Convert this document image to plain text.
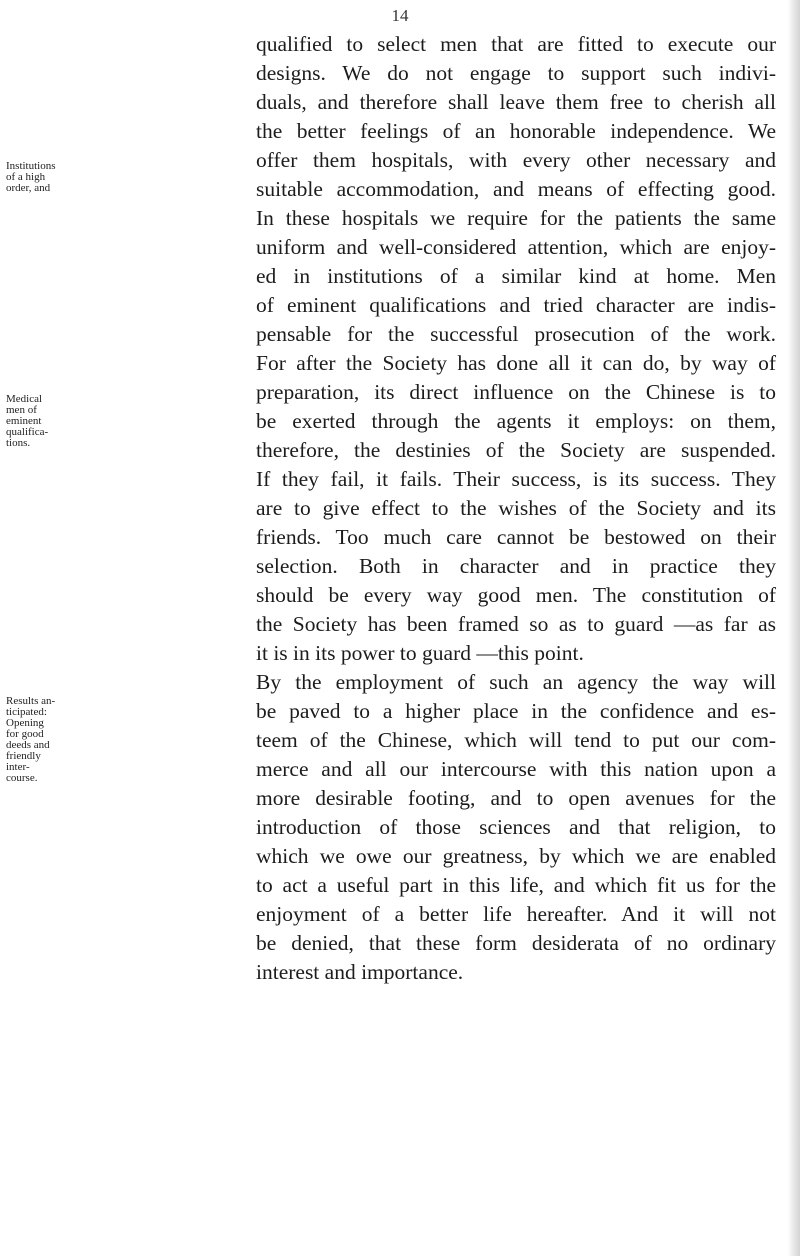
14
qualified to select men that are fitted to execute our
designs. We do not engage to support such indivi-
duals, and therefore shall leave them free to cherish all
the better feelings of an honorable independence. We
offer them hospitals, with every other necessary and
suitable accommodation, and means of effecting good.
In these hospitals we require for the patients the same
uniform and well-considered attention, which are enjoy-
ed in institutions of a similar kind at home. Men
of eminent qualifications and tried character are indis-
pensable for the successful prosecution of the work.
For after the Society has done all it can do, by way of
preparation, its direct influence on the Chinese is to
be exerted through the agents it employs: on them,
therefore, the destinies of the Society are suspended.
If they fail, it fails. Their success, is its success. They
are to give effect to the wishes of the Society and its
friends. Too much care cannot be bestowed on their
selection. Both in character and in practice they
should be every way good men. The constitution of
the Society has been framed so as to guard —as far as
it is in its power to guard —this point.
By the employment of such an agency the way will
be paved to a higher place in the confidence and es-
teem of the Chinese, which will tend to put our com-
merce and all our intercourse with this nation upon a
more desirable footing, and to open avenues for the
introduction of those sciences and that religion, to
which we owe our greatness, by which we are enabled
to act a useful part in this life, and which fit us for the
enjoyment of a better life hereafter. And it will not
be denied, that these form desiderata of no ordinary
interest and importance.
Institutions
of a high
order, and
Medical
men of
eminent
qualifica-
tions.
Results an-
ticipated:
Opening
for good
deeds and
friendly
inter-
course.
